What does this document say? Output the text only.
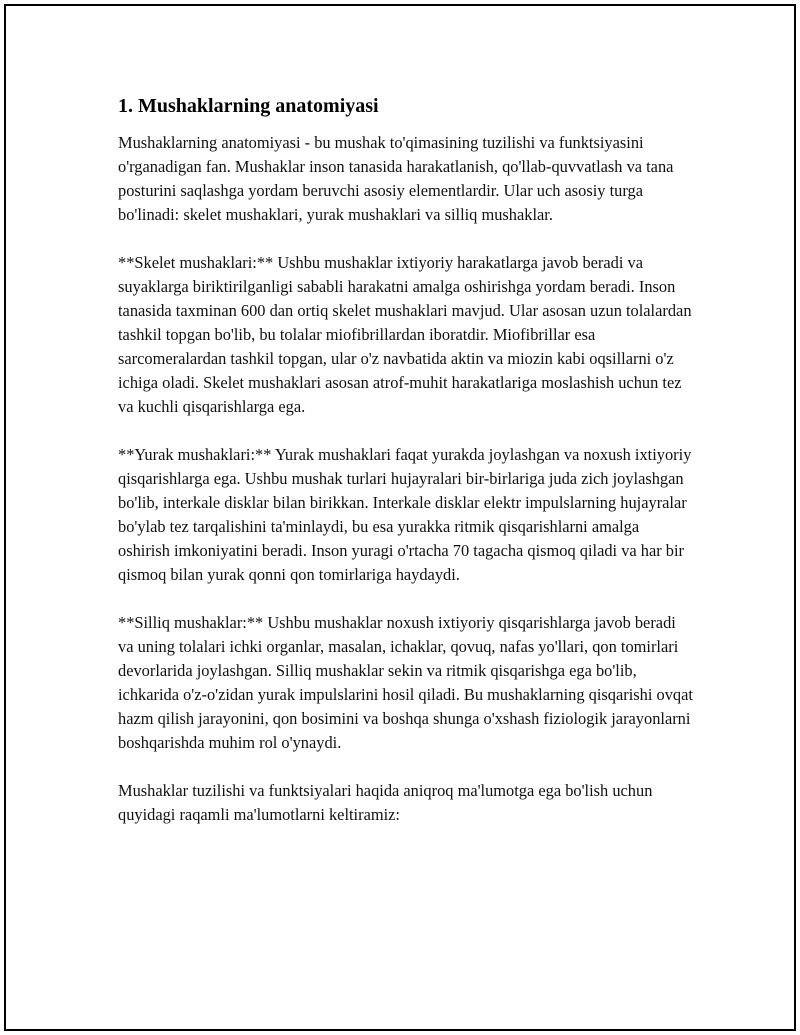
1. Mushaklarning anatomiyasi

Mushaklarning anatomiyasi - bu mushak to'qimasining tuzilishi va funktsiyasini o'rganadigan fan. Mushaklar inson tanasida harakatlanish, qo'llab-quvvatlash va tana posturini saqlashga yordam beruvchi asosiy elementlardir. Ular uch asosiy turga bo'linadi: skelet mushaklari, yurak mushaklari va silliq mushaklar.

**Skelet mushaklari:** Ushbu mushaklar ixtiyoriy harakatlarga javob beradi va suyaklarga biriktirilganligi sababli harakatni amalga oshirishga yordam beradi. Inson tanasida taxminan 600 dan ortiq skelet mushaklari mavjud. Ular asosan uzun tolalardan tashkil topgan bo'lib, bu tolalar miofibrillardan iboratdir. Miofibrillar esa sarcomeralardan tashkil topgan, ular o'z navbatida aktin va miozin kabi oqsillarni o'z ichiga oladi. Skelet mushaklari asosan atrof-muhit harakatlariga moslashish uchun tez va kuchli qisqarishlarga ega.

**Yurak mushaklari:** Yurak mushaklari faqat yurakda joylashgan va noxush ixtiyoriy qisqarishlarga ega. Ushbu mushak turlari hujayralari bir-birlariga juda zich joylashgan bo'lib, interkale disklar bilan birikkan. Interkale disklar elektr impulslarning hujayralar bo'ylab tez tarqalishini ta'minlaydi, bu esa yurakka ritmik qisqarishlarni amalga oshirish imkoniyatini beradi. Inson yuragi o'rtacha 70 tagacha qismoq qiladi va har bir qismoq bilan yurak qonni qon tomirlariga haydaydi.

**Silliq mushaklar:** Ushbu mushaklar noxush ixtiyoriy qisqarishlarga javob beradi va uning tolalari ichki organlar, masalan, ichaklar, qovuq, nafas yo'llari, qon tomirlari devorlarida joylashgan. Silliq mushaklar sekin va ritmik qisqarishga ega bo'lib, ichkarida o'z-o'zidan yurak impulslarini hosil qiladi. Bu mushaklarning qisqarishi ovqat hazm qilish jarayonini, qon bosimini va boshqa shunga o'xshash fiziologik jarayonlarni boshqarishda muhim rol o'ynaydi.

Mushaklar tuzilishi va funktsiyalari haqida aniqroq ma'lumotga ega bo'lish uchun quyidagi raqamli ma'lumotlarni keltiramiz:
